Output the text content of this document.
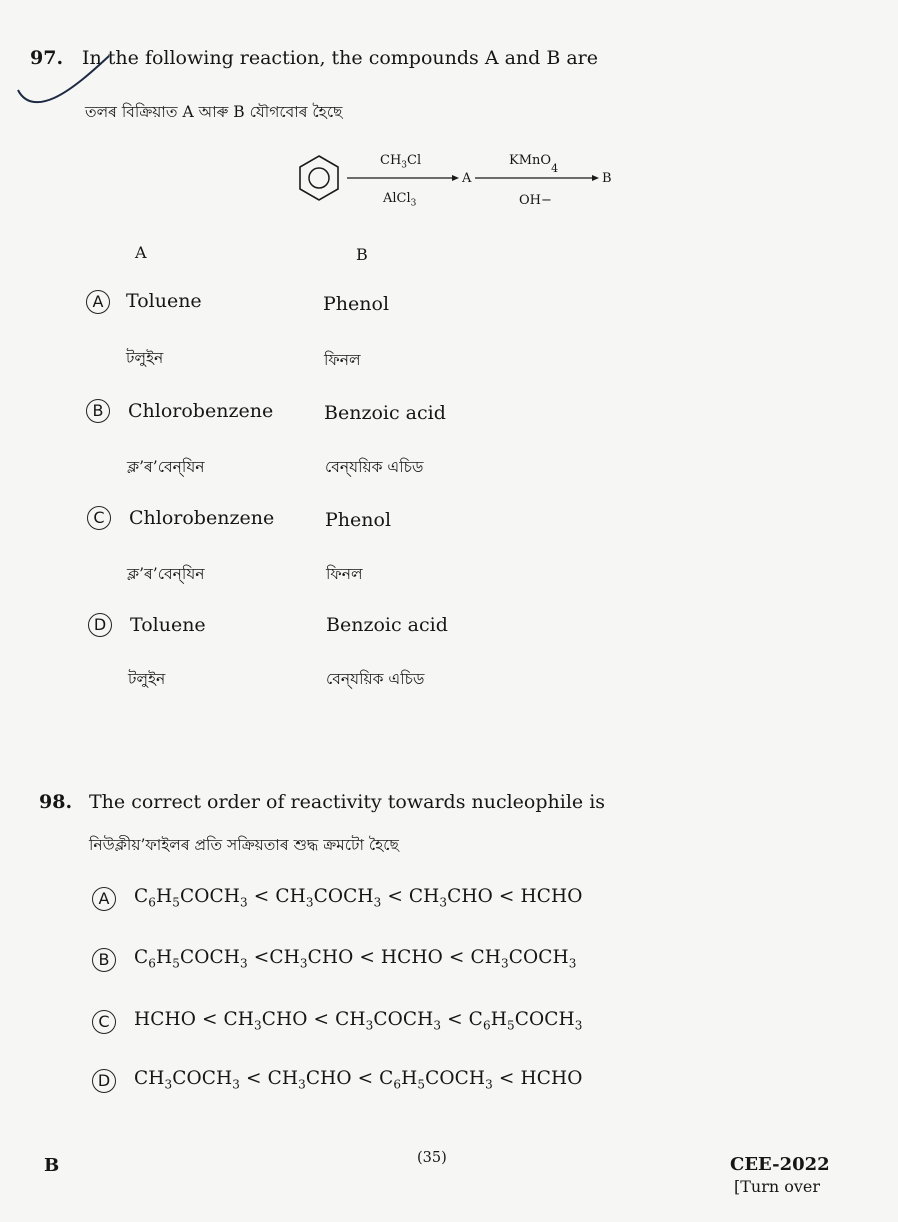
97. In the following reaction, the compounds A and B are
তলৰ বিক্ৰিয়াত A আৰু B যৌগবোৰ হৈছে
$CH_3Cl$
AlCl$_3$
A
KMnO$_4$
OH−
B
A	B
A	Toluene	Phenol
টলুইন	ফিনল
B	Chlorobenzene	Benzoic acid
ক্ল’ৰ’বেন্‌যিন	বেন্‌যয়িক এচিড
C	Chlorobenzene	Phenol
ক্ল’ৰ’বেন্‌যিন	ফিনল
D	Toluene	Benzoic acid
টলুইন	বেন্‌যয়িক এচিড
98. The correct order of reactivity towards nucleophile is
নিউক্লীয়’ফাইলৰ প্ৰতি সক্ৰিয়তাৰ শুদ্ধ ক্ৰমটো হৈছে
A	$C_6H_5COCH_3$ < $CH_3COCH_3 < CH_3CHO$ < HCHO
B	$C_6H_5COCH_3 <CH_3CHO$ < HCHO < $CH_3COCH_3$
C	HCHO < $CH_3CHO$ < $CH_3COCH_3$ < $C_6H_5COCH_3$
D	$CH_3COCH_3 < CH_3CHO$ < $C_6H_5COCH_3$ < HCHO
B	(35)	CEE-2022
[Turn over
